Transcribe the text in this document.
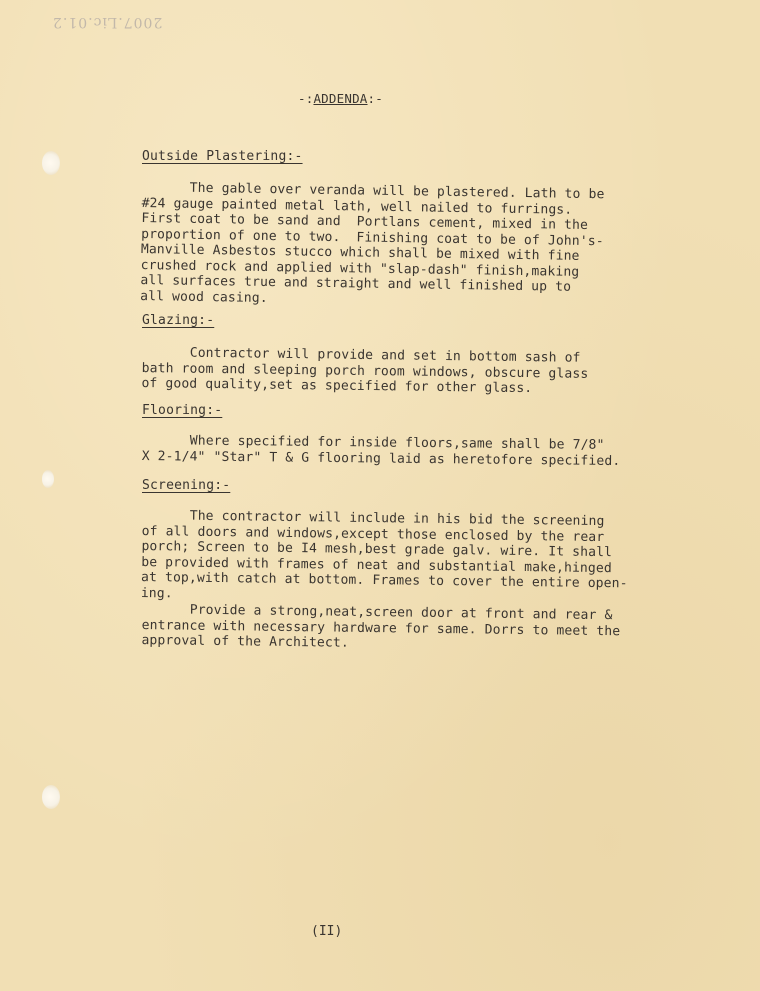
2007.Lic.01.2
-:ADDENDA:-
Outside Plastering:-
The gable over veranda will be plastered. Lath to be
#24 gauge painted metal lath, well nailed to furrings.
First coat to be sand and  Portlans cement, mixed in the
proportion of one to two.  Finishing coat to be of John's-
Manville Asbestos stucco which shall be mixed with fine
crushed rock and applied with "slap-dash" finish,making
all surfaces true and straight and well finished up to
all wood casing.
Glazing:-
Contractor will provide and set in bottom sash of
bath room and sleeping porch room windows, obscure glass
of good quality,set as specified for other glass.
Flooring:-
Where specified for inside floors,same shall be 7/8"
X 2-1/4" "Star" T & G flooring laid as heretofore specified.
Screening:-
The contractor will include in his bid the screening
of all doors and windows,except those enclosed by the rear
porch; Screen to be I4 mesh,best grade galv. wire. It shall
be provided with frames of neat and substantial make,hinged
at top,with catch at bottom. Frames to cover the entire open-
ing.
Provide a strong,neat,screen door at front and rear &
entrance with necessary hardware for same. Dorrs to meet the
approval of the Architect.
(II)
